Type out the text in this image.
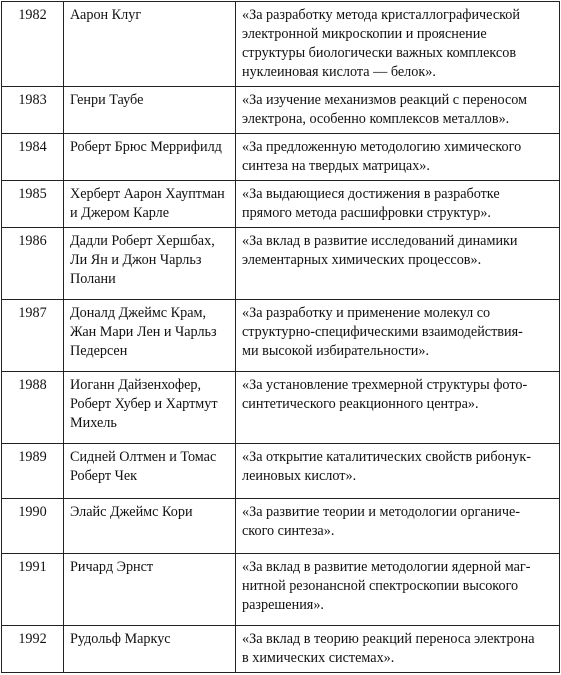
1982	Аарон Клуг	«За разработку метода кристаллографической
электронной микроскопии и прояснение
структуры биологически важных комплексов
нуклеиновая кислота — белок».

1983	Генри Таубе	«За изучение механизмов реакций с переносом
электрона, особенно комплексов металлов».

1984	Роберт Брюс Меррифилд	«За предложенную методологию химического
синтеза на твердых матрицах».

1985	Херберт Аарон Хауптман
и Джером Карле	«За выдающиеся достижения в разработке
прямого метода расшифровки структур».

1986	Дадли Роберт Хершбах,
Ли Ян и Джон Чарльз
Полани	«За вклад в развитие исследований динамики
элементарных химических процессов».

1987	Доналд Джеймс Крам,
Жан Мари Лен и Чарльз
Педерсен	«За разработку и применение молекул со
структурно-специфическими взаимодействия-
ми высокой избирательности».

1988	Иоганн Дайзенхофер,
Роберт Хубер и Хартмут
Михель	«За установление трехмерной структуры фото-
синтетического реакционного центра».

1989	Сидней Олтмен и Томас
Роберт Чек	«За открытие каталитических свойств рибонук-
леиновых кислот».

1990	Элайс Джеймс Кори	«За развитие теории и методологии органиче-
ского синтеза».

1991	Ричард Эрнст	«За вклад в развитие методологии ядерной маг-
нитной резонансной спектроскопии высокого
разрешения».

1992	Рудольф Маркус	«За вклад в теорию реакций переноса электрона
в химических системах».
